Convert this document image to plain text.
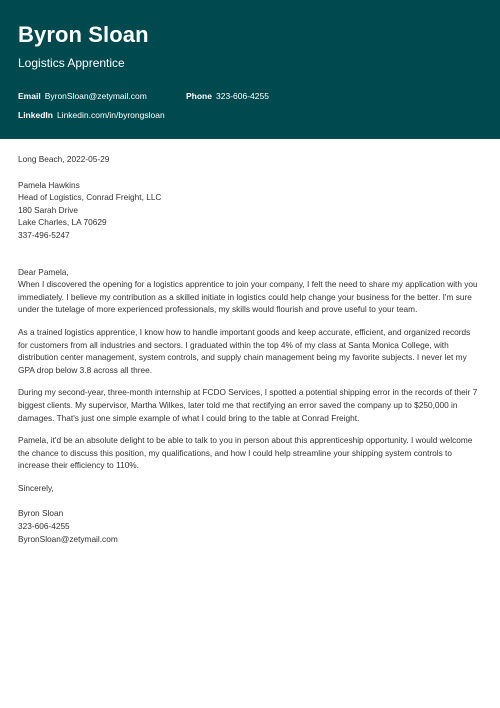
Byron Sloan
Logistics Apprentice
Email ByronSloan@zetymail.com	Phone 323-606-4255
LinkedIn Linkedin.com/in/byrongsloan

Long Beach, 2022-05-29

Pamela Hawkins

Head of Logistics, Conrad Freight, LLC

180 Sarah Drive

Lake Charles, LA 70629

337-496-5247

Dear Pamela,

When I discovered the opening for a logistics apprentice to join your company, I felt the need to share my application with you immediately. I believe my contribution as a skilled initiate in logistics could help change your business for the better. I'm sure under the tutelage of more experienced professionals, my skills would flourish and prove useful to your team.

As a trained logistics apprentice, I know how to handle important goods and keep accurate, efficient, and organized records for customers from all industries and sectors. I graduated within the top 4% of my class at Santa Monica College, with distribution center management, system controls, and supply chain management being my favorite subjects. I never let my GPA drop below 3.8 across all three.

During my second-year, three-month internship at FCDO Services, I spotted a potential shipping error in the records of their 7 biggest clients. My supervisor, Martha Wilkes, later told me that rectifying an error saved the company up to $250,000 in damages. That's just one simple example of what I could bring to the table at Conrad Freight.

Pamela, it'd be an absolute delight to be able to talk to you in person about this apprenticeship opportunity. I would welcome the chance to discuss this position, my qualifications, and how I could help streamline your shipping system controls to increase their efficiency to 110%.

Sincerely,

Byron Sloan

323-606-4255

ByronSloan@zetymail.com
